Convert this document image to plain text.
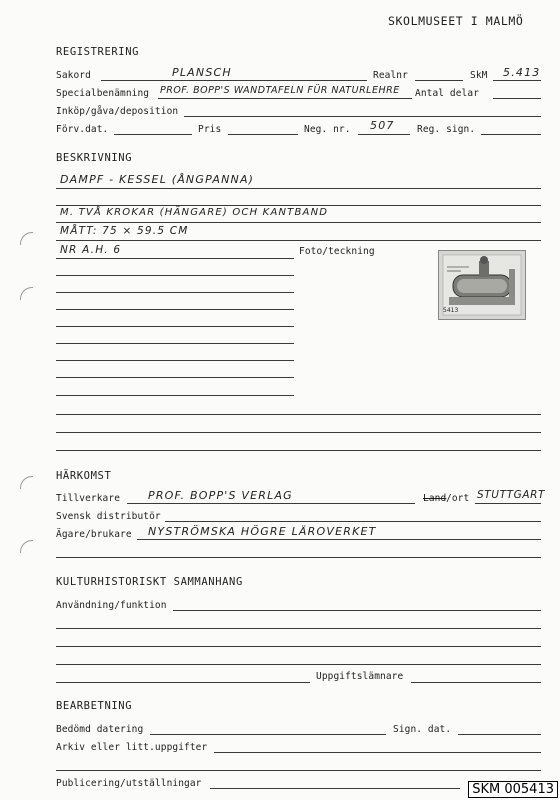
SKOLMUSEET I MALMÖ
REGISTRERING
Sakord	PLANSCH	Realnr	SkM 5.413
Specialbenämning PROF. BOPP'S WANDTAFELN FÜR NATURLEHRE Antal delar
Inköp/gåva/deposition
Förv.dat.	Pris	Neg. nr. 507 Reg. sign.
BESKRIVNING
DAMPF - KESSEL (ÅNGPANNA)
M. TVÅ KROKAR (HÄNGARE) OCH KANTBAND
MÅTT: 75 × 59.5 CM
NR A.H. 6	Foto/teckning
5413
HÄRKOMST
Tillverkare	PROF. BOPP'S VERLAG	Land /ort STUTTGART
Svensk distributör
Ägare/brukare NYSTRÖMSKA HÖGRE LÄROVERKET
KULTURHISTORISKT SAMMANHANG
Användning/funktion
Uppgiftslämnare
BEARBETNING
Bedömd datering	Sign. dat.
Arkiv eller litt.uppgifter
Publicering/utställningar	SKM 005413
